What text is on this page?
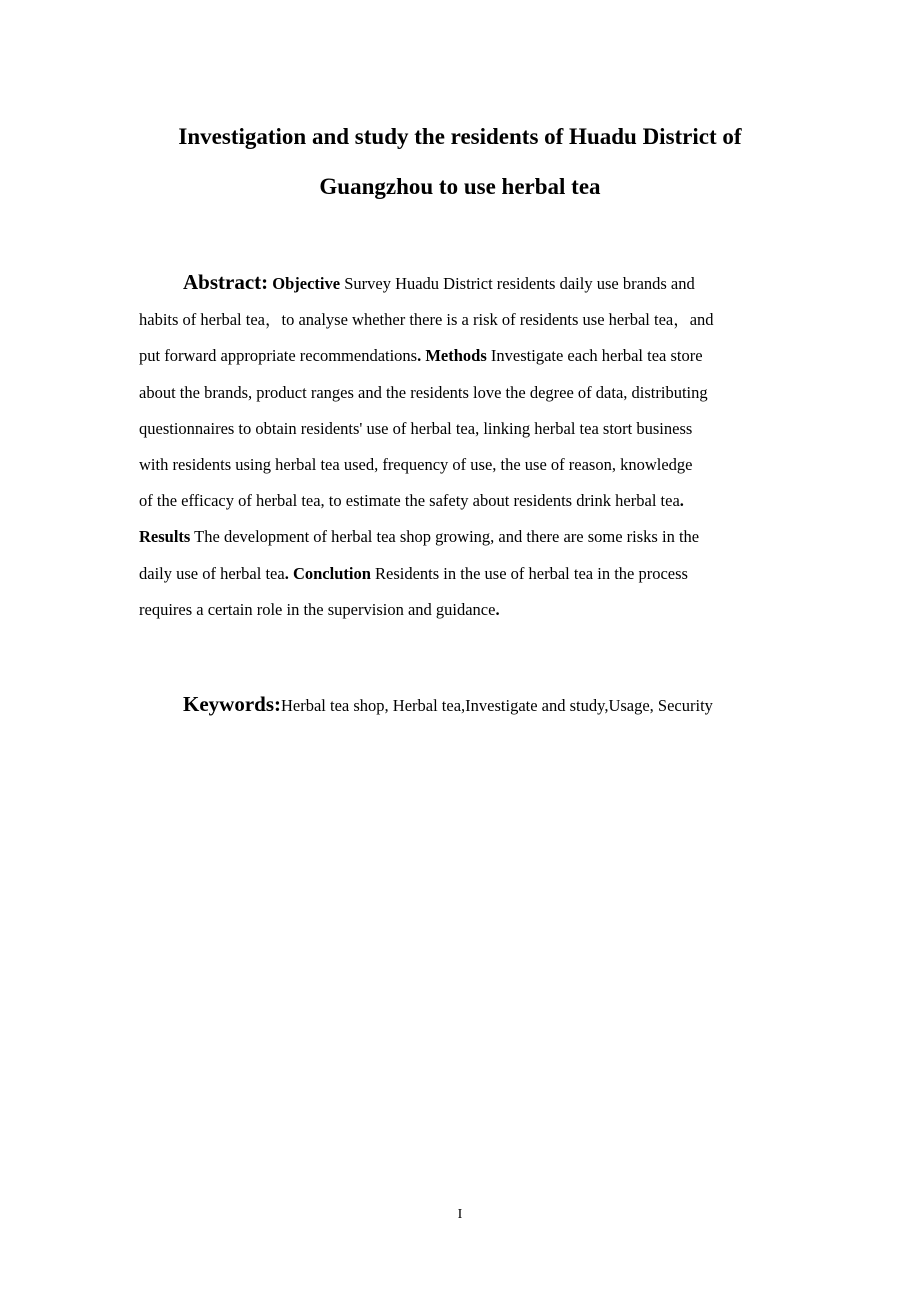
Investigation and study the residents of Huadu District of
Guangzhou to use herbal tea
Abstract: Objective Survey Huadu District residents daily use brands and
habits of herbal tea，to analyse whether there is a risk of residents use herbal tea，and
put forward appropriate recommendations. Methods Investigate each herbal tea store
about the brands, product ranges and the residents love the degree of data, distributing
questionnaires to obtain residents' use of herbal tea, linking herbal tea stort business
with residents using herbal tea used, frequency of use, the use of reason, knowledge
of the efficacy of herbal tea, to estimate the safety about residents drink herbal tea.
Results The development of herbal tea shop growing, and there are some risks in the
daily use of herbal tea. Conclution Residents in the use of herbal tea in the process
requires a certain role in the supervision and guidance.
Keywords:Herbal tea shop, Herbal tea,Investigate and study,Usage, Security
I
